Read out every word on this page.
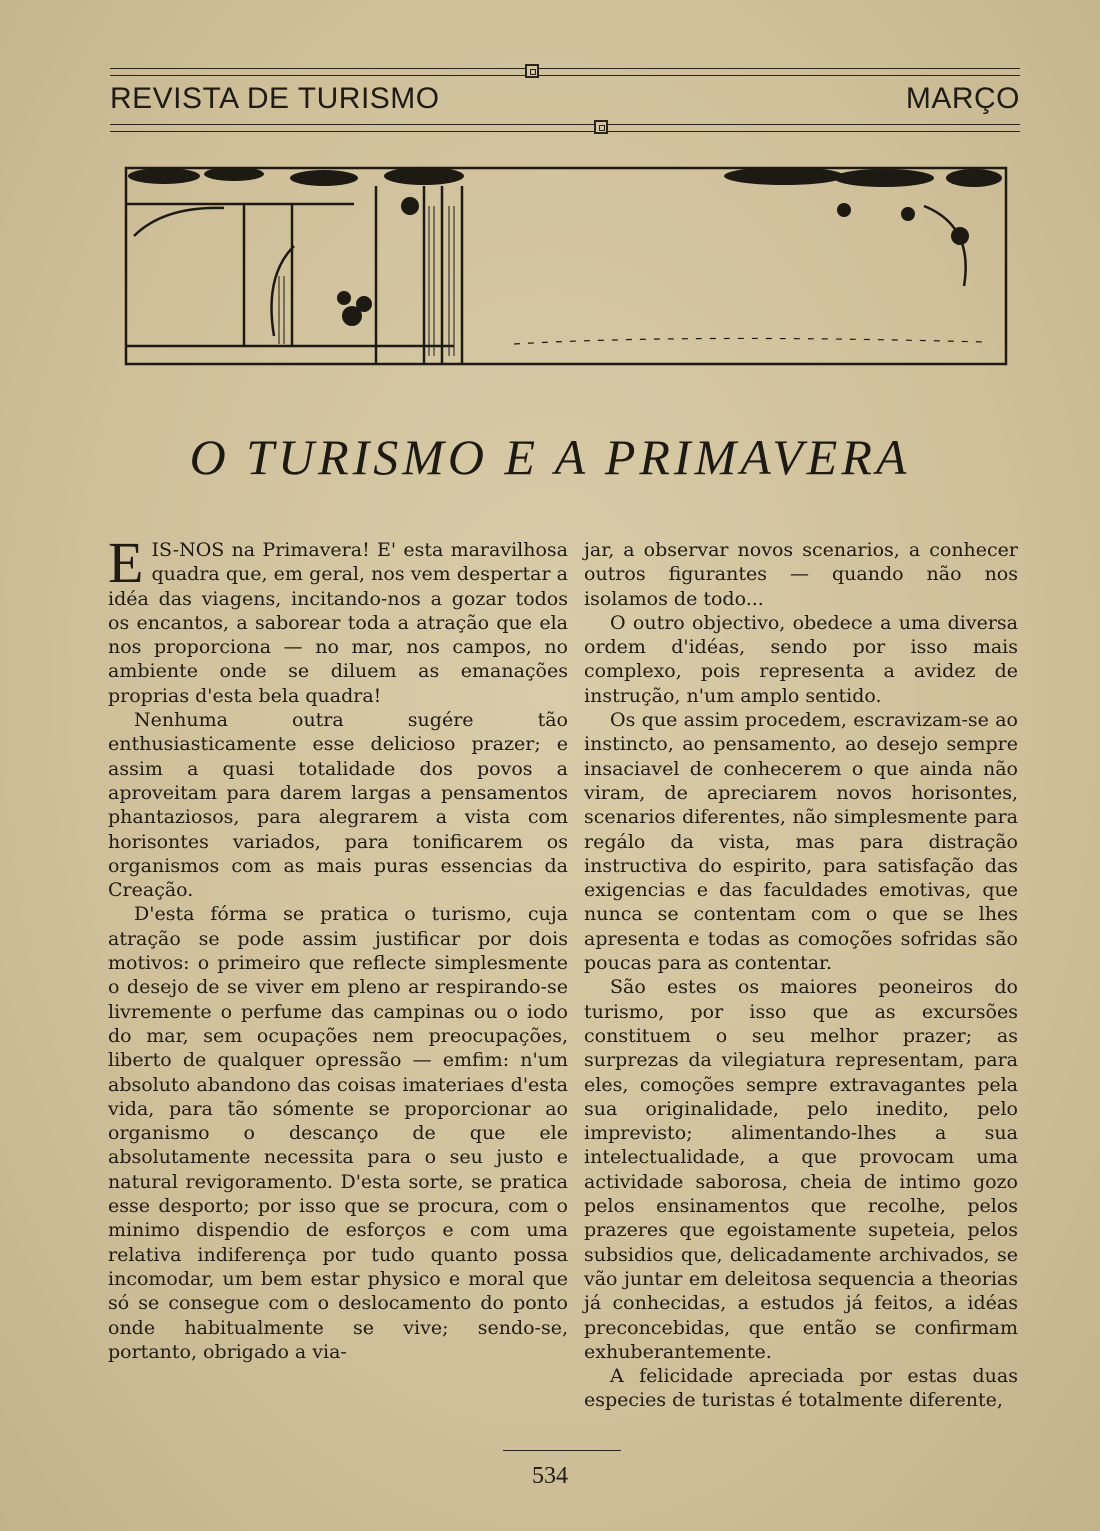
REVISTA DE TURISMO	MARÇO
O TURISMO E A PRIMAVERA

EIS-NOS na Primavera! E' esta maravilhosa quadra que, em geral, nos vem despertar a idéa das viagens, incitando-nos a gozar todos os encantos, a saborear toda a atração que ela nos proporciona — no mar, nos campos, no ambiente onde se diluem as emanações proprias d'esta bela quadra!

Nenhuma outra sugére tão enthusiasticamente esse delicioso prazer; e assim a quasi totalidade dos povos a aproveitam para darem largas a pensamentos phantaziosos, para alegrarem a vista com horisontes variados, para tonificarem os organismos com as mais puras essencias da Creação.

D'esta fórma se pratica o turismo, cuja atração se pode assim justificar por dois motivos: o primeiro que reflecte simplesmente o desejo de se viver em pleno ar respirando-se livremente o perfume das campinas ou o iodo do mar, sem ocupações nem preocupações, liberto de qualquer opressão — emfim: n'um absoluto abandono das coisas imateriaes d'esta vida, para tão sómente se proporcionar ao organismo o descanço de que ele absolutamente necessita para o seu justo e natural revigoramento. D'esta sorte, se pratica esse desporto; por isso que se procura, com o minimo dispendio de esforços e com uma relativa indiferença por tudo quanto possa incomodar, um bem estar physico e moral que só se consegue com o deslocamento do ponto onde habitualmente se vive; sendo-se, portanto, obrigado a via-

jar, a observar novos scenarios, a conhecer outros figurantes — quando não nos isolamos de todo...

O outro objectivo, obedece a uma diversa ordem d'idéas, sendo por isso mais complexo, pois representa a avidez de instrução, n'um amplo sentido.

Os que assim procedem, escravizam-se ao instincto, ao pensamento, ao desejo sempre insaciavel de conhecerem o que ainda não viram, de apreciarem novos horisontes, scenarios diferentes, não simplesmente para regálo da vista, mas para distração instructiva do espirito, para satisfação das exigencias e das faculdades emotivas, que nunca se contentam com o que se lhes apresenta e todas as comoções sofridas são poucas para as contentar.

São estes os maiores peoneiros do turismo, por isso que as excursões constituem o seu melhor prazer; as surprezas da vilegiatura representam, para eles, comoções sempre extravagantes pela sua originalidade, pelo inedito, pelo imprevisto; alimentando-lhes a sua intelectualidade, a que provocam uma actividade saborosa, cheia de intimo gozo pelos ensinamentos que recolhe, pelos prazeres que egoistamente supeteia, pelos subsidios que, delicadamente archivados, se vão juntar em deleitosa sequencia a theorias já conhecidas, a estudos já feitos, a idéas preconcebidas, que então se confirmam exhuberantemente.

A felicidade apreciada por estas duas especies de turistas é totalmente diferente,

534
